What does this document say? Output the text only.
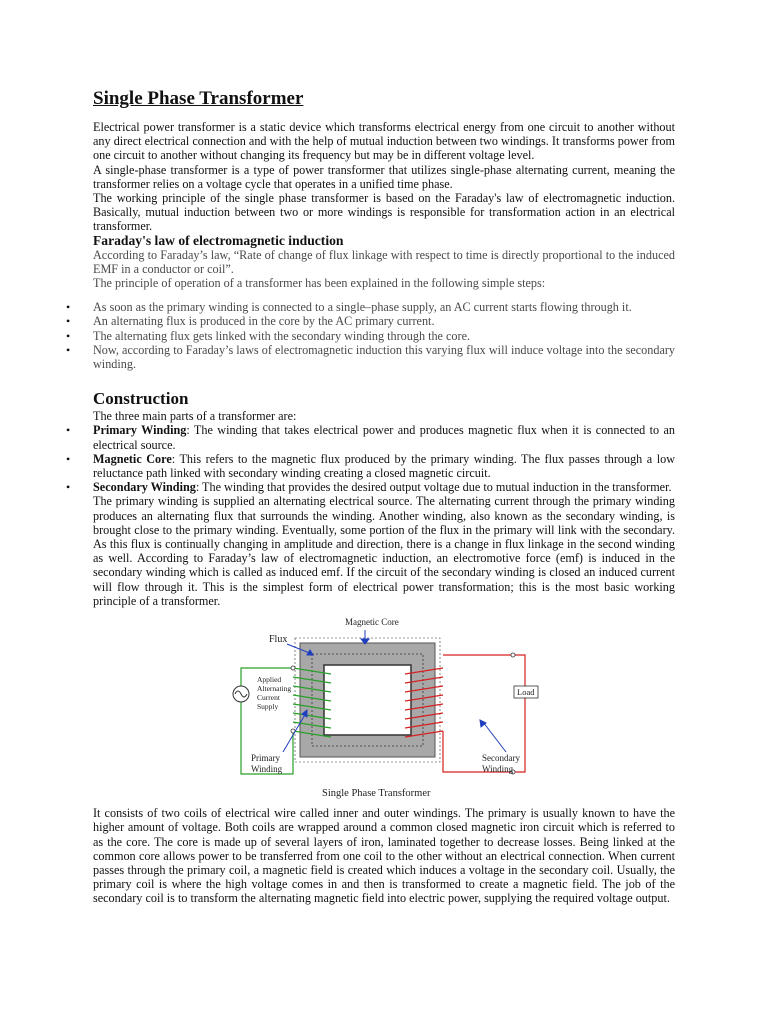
Single Phase Transformer

Electrical power transformer is a static device which transforms electrical energy from one circuit to another without any direct electrical connection and with the help of mutual induction between two windings. It transforms power from one circuit to another without changing its frequency but may be in different voltage level.

A single-phase transformer is a type of power transformer that utilizes single-phase alternating current, meaning the transformer relies on a voltage cycle that operates in a unified time phase.

The working principle of the single phase transformer is based on the Faraday's law of electromagnetic induction. Basically, mutual induction between two or more windings is responsible for transformation action in an electrical transformer.

Faraday's law of electromagnetic induction

According to Faraday’s law, “Rate of change of flux linkage with respect to time is directly proportional to the induced EMF in a conductor or coil”.

The principle of operation of a transformer has been explained in the following simple steps:

• As soon as the primary winding is connected to a single–phase supply, an AC current starts flowing through it.
• An alternating flux is produced in the core by the AC primary current.
• The alternating flux gets linked with the secondary winding through the core.
• Now, according to Faraday’s laws of electromagnetic induction this varying flux will induce voltage into the secondary winding.
Construction

The three main parts of a transformer are:

• Primary Winding: The winding that takes electrical power and produces magnetic flux when it is connected to an electrical source.
• Magnetic Core: This refers to the magnetic flux produced by the primary winding. The flux passes through a low reluctance path linked with secondary winding creating a closed magnetic circuit.
• Secondary Winding: The winding that provides the desired output voltage due to mutual induction in the transformer.

The primary winding is supplied an alternating electrical source. The alternating current through the primary winding produces an alternating flux that surrounds the winding. Another winding, also known as the secondary winding, is brought close to the primary winding. Eventually, some portion of the flux in the primary will link with the secondary. As this flux is continually changing in amplitude and direction, there is a change in flux linkage in the second winding as well. According to Faraday’s law of electromagnetic induction, an electromotive force (emf) is induced in the secondary winding which is called as induced emf. If the circuit of the secondary winding is closed an induced current will flow through it. This is the simplest form of electrical power transformation; this is the most basic working principle of a transformer.

Magnetic Core
Flux
Applied
Alternating
Current
Supply
Load
Primary
Winding
Secondary
Winding
Single Phase Transformer

It consists of two coils of electrical wire called inner and outer windings. The primary is usually known to have the higher amount of voltage. Both coils are wrapped around a common closed magnetic iron circuit which is referred to as the core. The core is made up of several layers of iron, laminated together to decrease losses. Being linked at the common core allows power to be transferred from one coil to the other without an electrical connection. When current passes through the primary coil, a magnetic field is created which induces a voltage in the secondary coil. Usually, the primary coil is where the high voltage comes in and then is transformed to create a magnetic field. The job of the secondary coil is to transform the alternating magnetic field into electric power, supplying the required voltage output.
